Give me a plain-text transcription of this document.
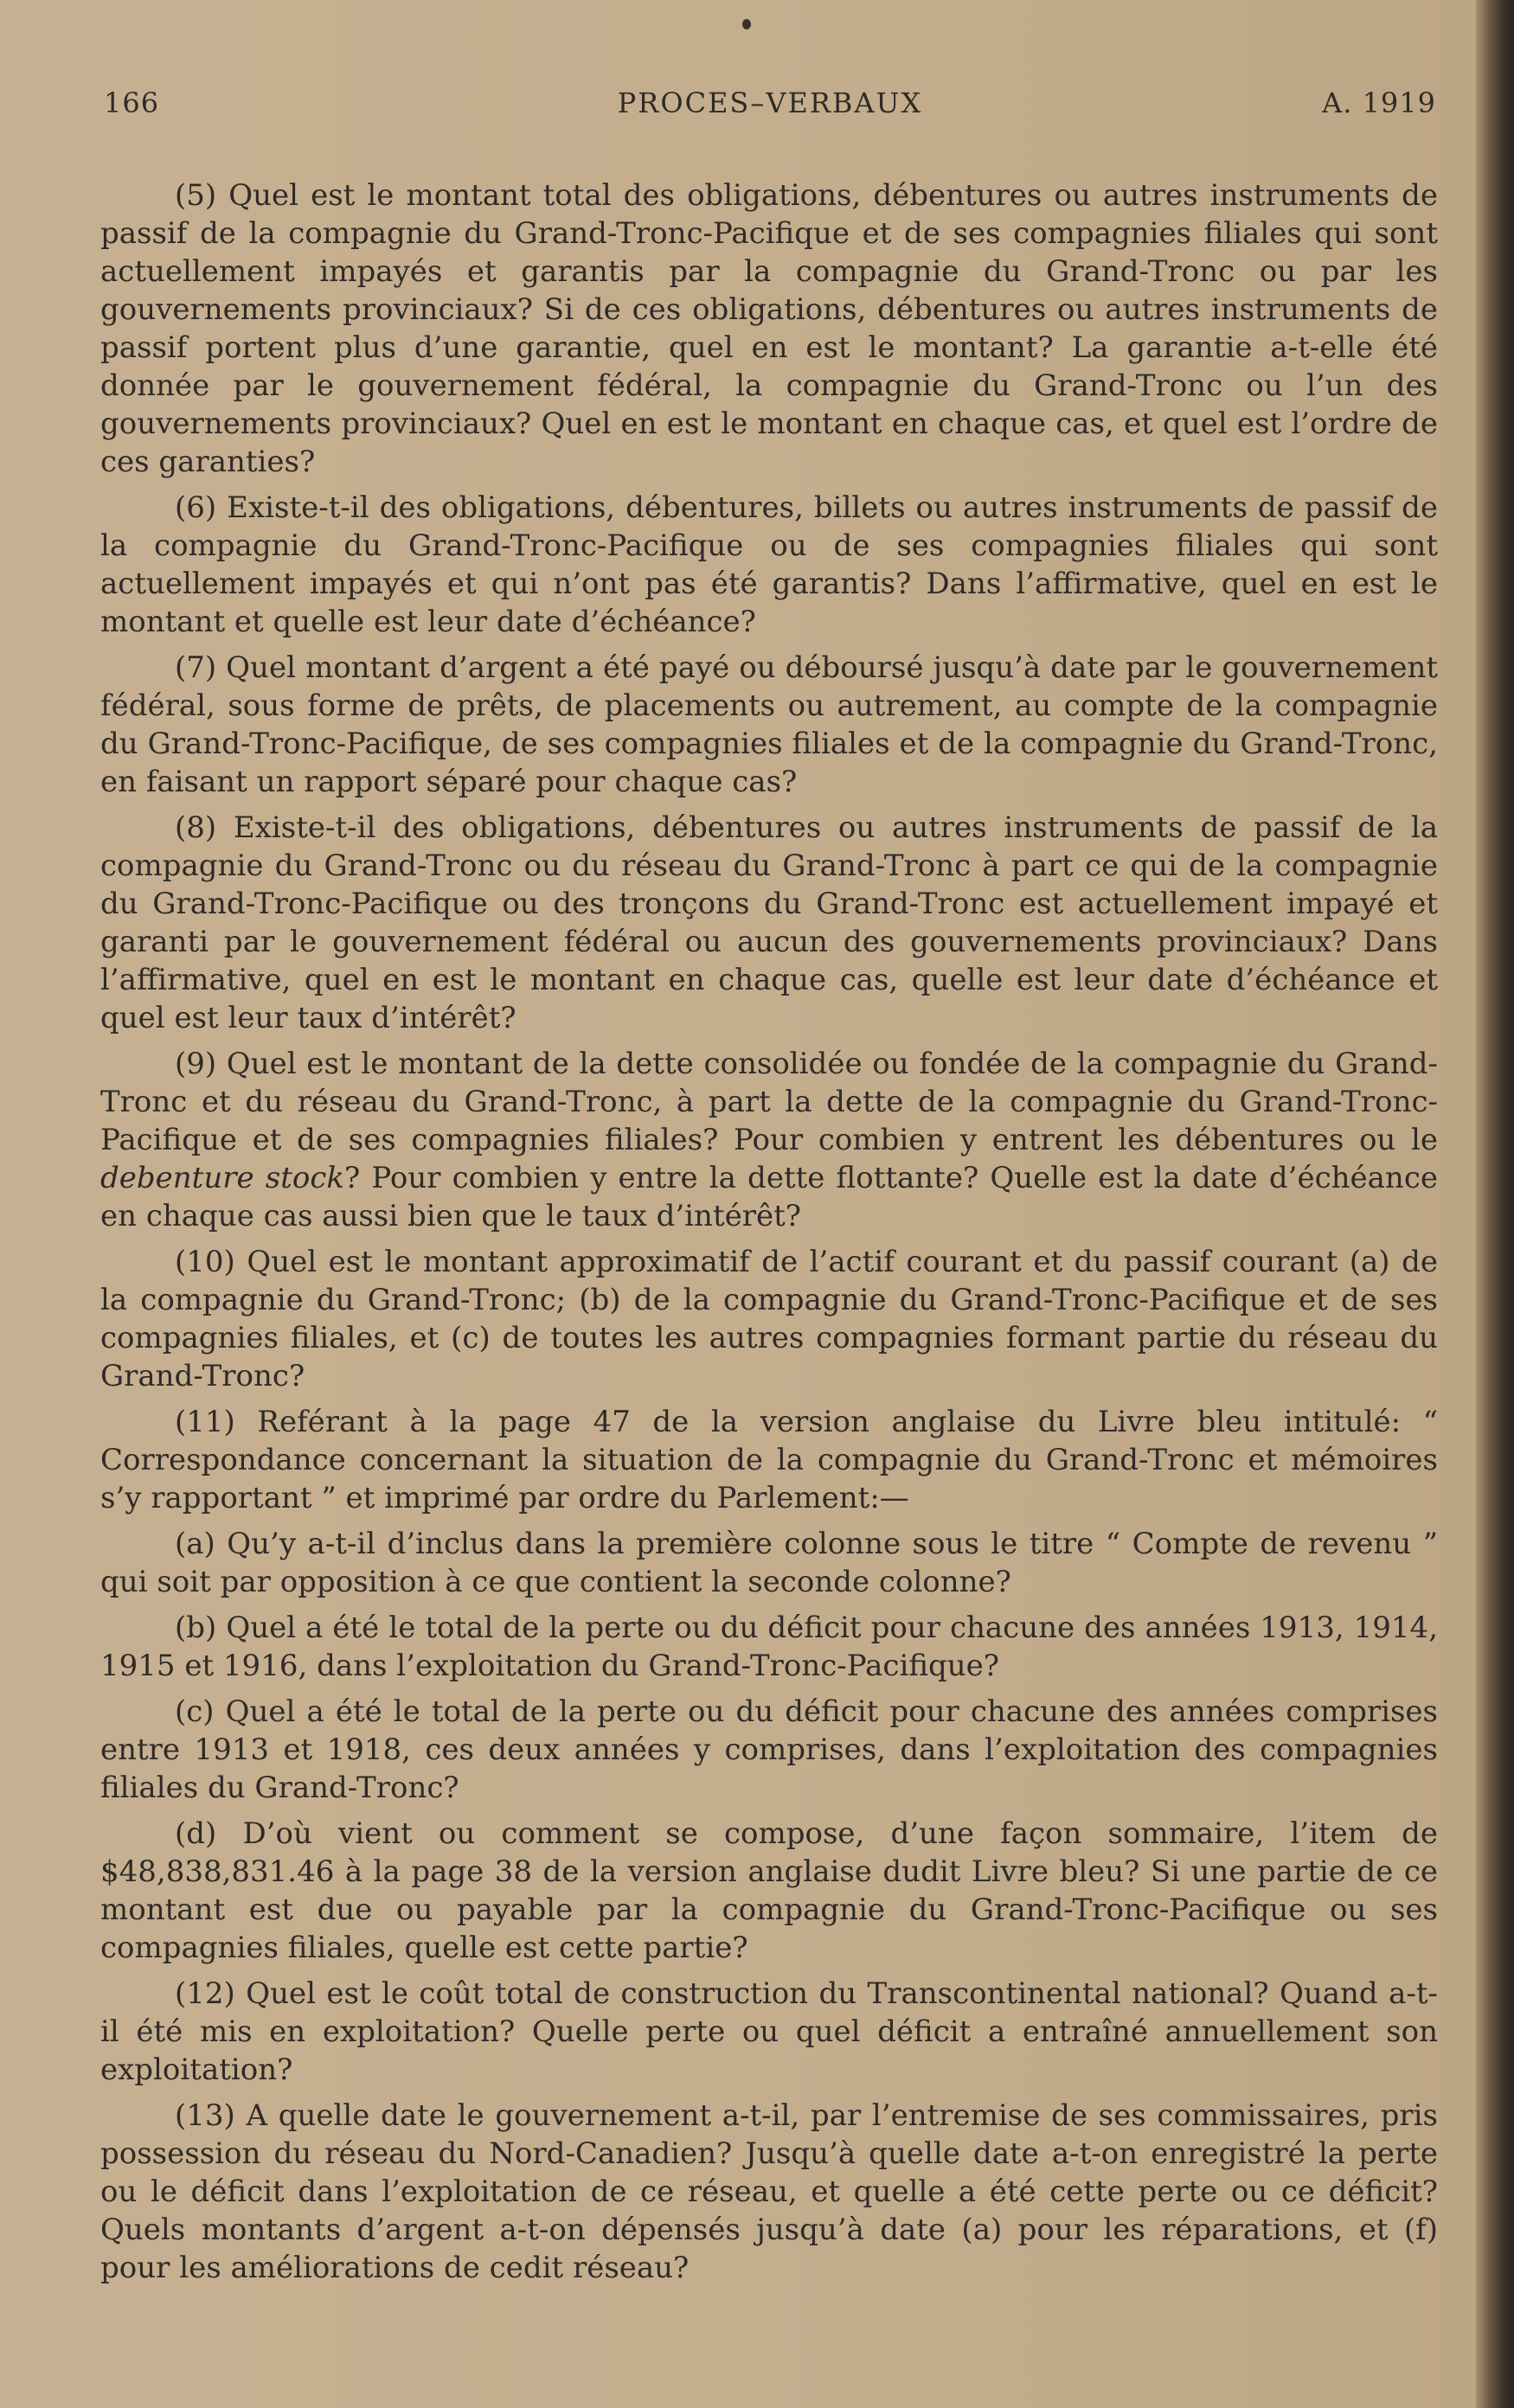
166	PROCES–VERBAUX	A. 1919

(5) Quel est le montant total des obligations, débentures ou autres instruments de passif de la compagnie du Grand-Tronc-Pacifique et de ses compagnies filiales qui sont actuellement impayés et garantis par la compagnie du Grand-Tronc ou par les gouvernements provinciaux? Si de ces obligations, débentures ou autres instruments de passif portent plus d’une garantie, quel en est le montant? La garantie a-t-elle été donnée par le gouvernement fédéral, la compagnie du Grand-Tronc ou l’un des gouvernements provinciaux? Quel en est le montant en chaque cas, et quel est l’ordre de ces garanties?

(6) Existe-t-il des obligations, débentures, billets ou autres instruments de passif de la compagnie du Grand-Tronc-Pacifique ou de ses compagnies filiales qui sont actuellement impayés et qui n’ont pas été garantis? Dans l’affirmative, quel en est le montant et quelle est leur date d’échéance?

(7) Quel montant d’argent a été payé ou déboursé jusqu’à date par le gouvernement fédéral, sous forme de prêts, de placements ou autrement, au compte de la compagnie du Grand-Tronc-Pacifique, de ses compagnies filiales et de la compagnie du Grand-Tronc, en faisant un rapport séparé pour chaque cas?

(8) Existe-t-il des obligations, débentures ou autres instruments de passif de la compagnie du Grand-Tronc ou du réseau du Grand-Tronc à part ce qui de la compagnie du Grand-Tronc-Pacifique ou des tronçons du Grand-Tronc est actuellement impayé et garanti par le gouvernement fédéral ou aucun des gouvernements provinciaux? Dans l’affirmative, quel en est le montant en chaque cas, quelle est leur date d’échéance et quel est leur taux d’intérêt?

(9) Quel est le montant de la dette consolidée ou fondée de la compagnie du Grand-Tronc et du réseau du Grand-Tronc, à part la dette de la compagnie du Grand-Tronc-Pacifique et de ses compagnies filiales? Pour combien y entrent les débentures ou le debenture stock? Pour combien y entre la dette flottante? Quelle est la date d’échéance en chaque cas aussi bien que le taux d’intérêt?

(10) Quel est le montant approximatif de l’actif courant et du passif courant (a) de la compagnie du Grand-Tronc; (b) de la compagnie du Grand-Tronc-Pacifique et de ses compagnies filiales, et (c) de toutes les autres compagnies formant partie du réseau du Grand-Tronc?

(11) Reférant à la page 47 de la version anglaise du Livre bleu intitulé: “ Correspondance concernant la situation de la compagnie du Grand-Tronc et mémoires s’y rapportant ” et imprimé par ordre du Parlement:—

(a) Qu’y a-t-il d’inclus dans la première colonne sous le titre “ Compte de revenu ” qui soit par opposition à ce que contient la seconde colonne?

(b) Quel a été le total de la perte ou du déficit pour chacune des années 1913, 1914, 1915 et 1916, dans l’exploitation du Grand-Tronc-Pacifique?

(c) Quel a été le total de la perte ou du déficit pour chacune des années comprises entre 1913 et 1918, ces deux années y comprises, dans l’exploitation des compagnies filiales du Grand-Tronc?

(d) D’où vient ou comment se compose, d’une façon sommaire, l’item de $48,838,831.46 à la page 38 de la version anglaise dudit Livre bleu? Si une partie de ce montant est due ou payable par la compagnie du Grand-Tronc-Pacifique ou ses compagnies filiales, quelle est cette partie?

(12) Quel est le coût total de construction du Transcontinental national? Quand a-t-il été mis en exploitation? Quelle perte ou quel déficit a entraîné annuellement son exploitation?

(13) A quelle date le gouvernement a-t-il, par l’entremise de ses commissaires, pris possession du réseau du Nord-Canadien? Jusqu’à quelle date a-t-on enregistré la perte ou le déficit dans l’exploitation de ce réseau, et quelle a été cette perte ou ce déficit? Quels montants d’argent a-t-on dépensés jusqu’à date (a) pour les réparations, et (f) pour les améliorations de cedit réseau?
